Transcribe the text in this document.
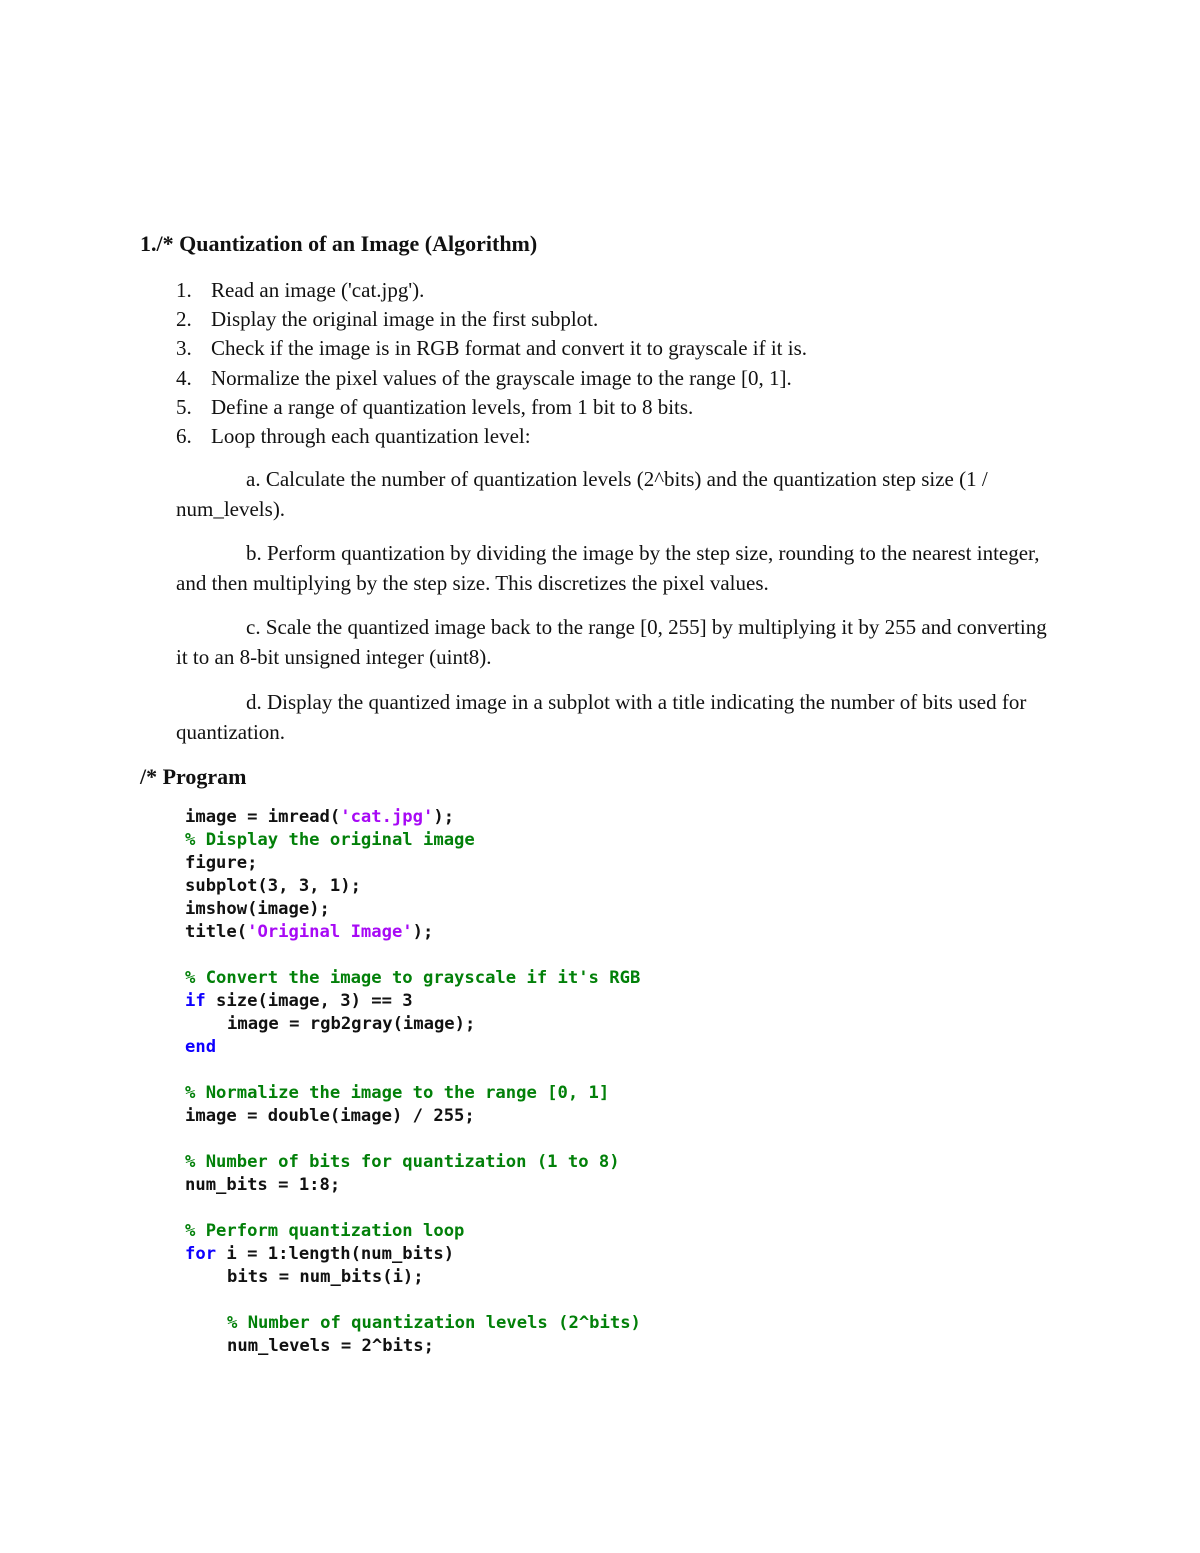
1./* Quantization of an Image (Algorithm)
1. Read an image ('cat.jpg').
2. Display the original image in the first subplot.
3. Check if the image is in RGB format and convert it to grayscale if it is.
4. Normalize the pixel values of the grayscale image to the range [0, 1].
5. Define a range of quantization levels, from 1 bit to 8 bits.
6. Loop through each quantization level:

a. Calculate the number of quantization levels (2^bits) and the quantization step size (1 / num_levels).

b. Perform quantization by dividing the image by the step size, rounding to the nearest integer, and then multiplying by the step size. This discretizes the pixel values.

c. Scale the quantized image back to the range [0, 255] by multiplying it by 255 and converting it to an 8-bit unsigned integer (uint8).

d. Display the quantized image in a subplot with a title indicating the number of bits used for quantization.

/* Program
image = imread('cat.jpg');
% Display the original image
figure;
subplot(3, 3, 1);
imshow(image);
title('Original Image');
% Convert the image to grayscale if it's RGB
if size(image, 3) == 3
image = rgb2gray(image);
end
% Normalize the image to the range [0, 1]
image = double(image) / 255;
% Number of bits for quantization (1 to 8)
num_bits = 1:8;
% Perform quantization loop
for i = 1:length(num_bits)
bits = num_bits(i);
% Number of quantization levels (2^bits)
num_levels = 2^bits;
